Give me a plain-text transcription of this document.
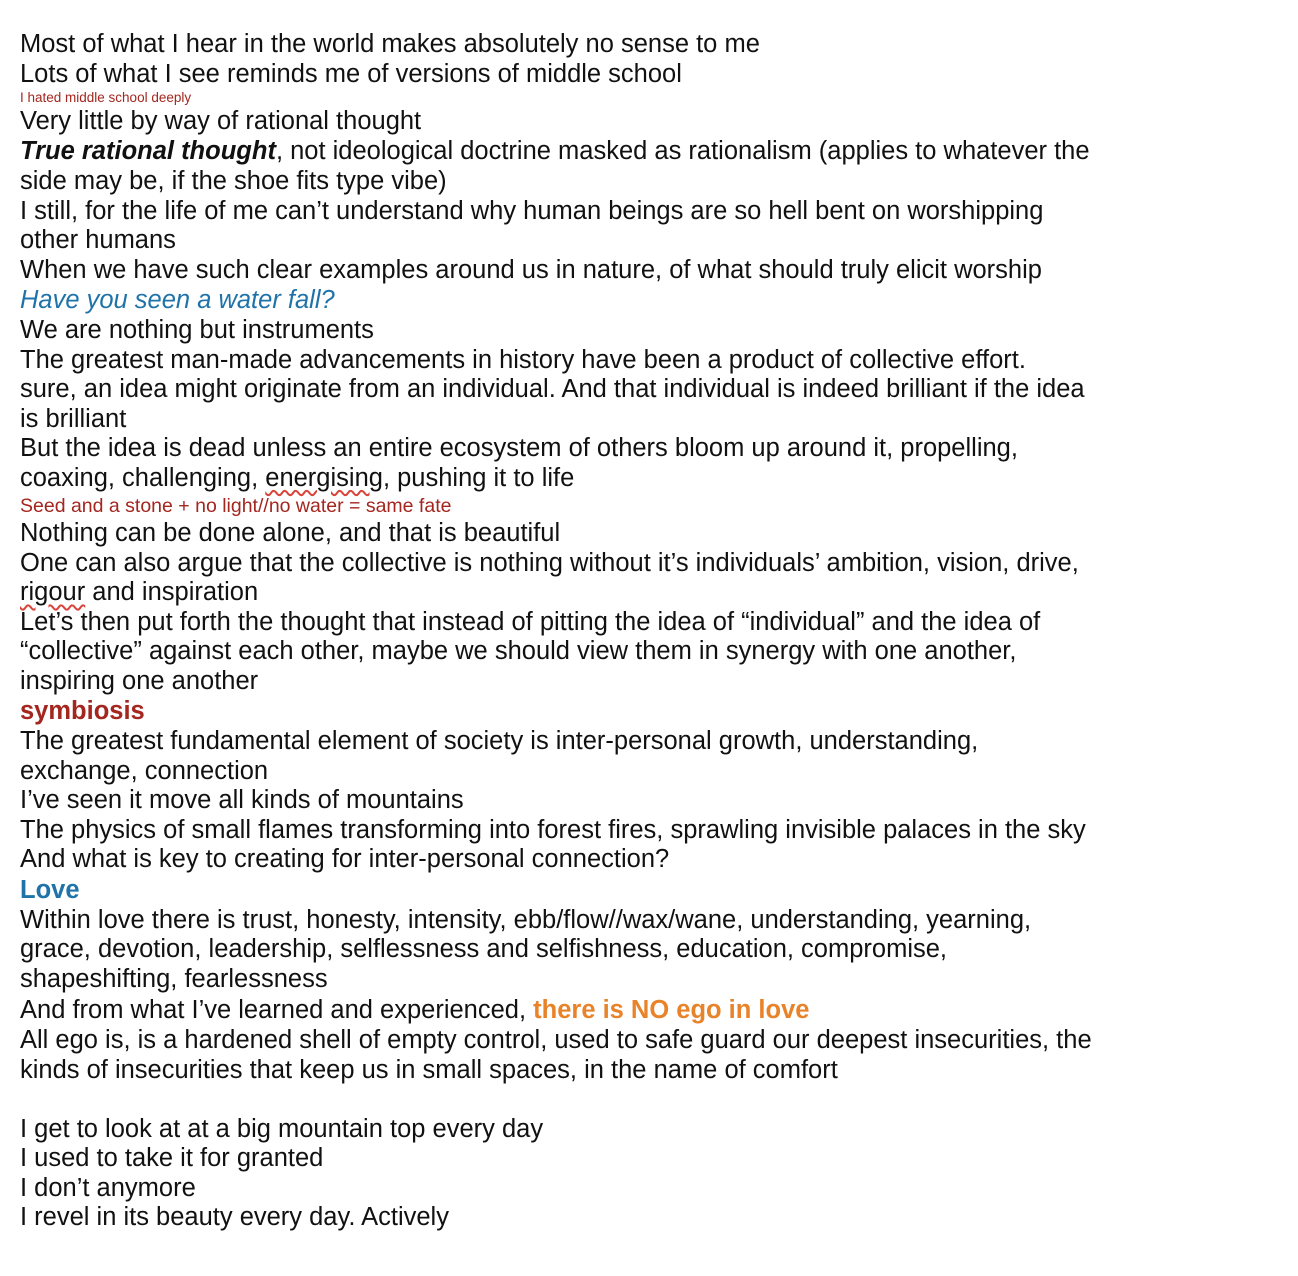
Most of what I hear in the world makes absolutely no sense to me
Lots of what I see reminds me of versions of middle school
I hated middle school deeply
Very little by way of rational thought
True rational thought, not ideological doctrine masked as rationalism (applies to whatever the
side may be, if the shoe fits type vibe)
I still, for the life of me can’t understand why human beings are so hell bent on worshipping
other humans
When we have such clear examples around us in nature, of what should truly elicit worship
Have you seen a water fall?
We are nothing but instruments
The greatest man-made advancements in history have been a product of collective effort.
sure, an idea might originate from an individual. And that individual is indeed brilliant if the idea
is brilliant
But the idea is dead unless an entire ecosystem of others bloom up around it, propelling,
coaxing, challenging, energising, pushing it to life
Seed and a stone + no light//no water = same fate
Nothing can be done alone, and that is beautiful
One can also argue that the collective is nothing without it’s individuals’ ambition, vision, drive,
rigour and inspiration
Let’s then put forth the thought that instead of pitting the idea of “individual” and the idea of
“collective” against each other, maybe we should view them in synergy with one another,
inspiring one another
symbiosis
The greatest fundamental element of society is inter-personal growth, understanding,
exchange, connection
I’ve seen it move all kinds of mountains
The physics of small flames transforming into forest fires, sprawling invisible palaces in the sky
And what is key to creating for inter-personal connection?
Love
Within love there is trust, honesty, intensity, ebb/flow//wax/wane, understanding, yearning,
grace, devotion, leadership, selflessness and selfishness, education, compromise,
shapeshifting, fearlessness
And from what I’ve learned and experienced, there is NO ego in love
All ego is, is a hardened shell of empty control, used to safe guard our deepest insecurities, the
kinds of insecurities that keep us in small spaces, in the name of comfort
I get to look at at a big mountain top every day
I used to take it for granted
I don’t anymore
I revel in its beauty every day. Actively
